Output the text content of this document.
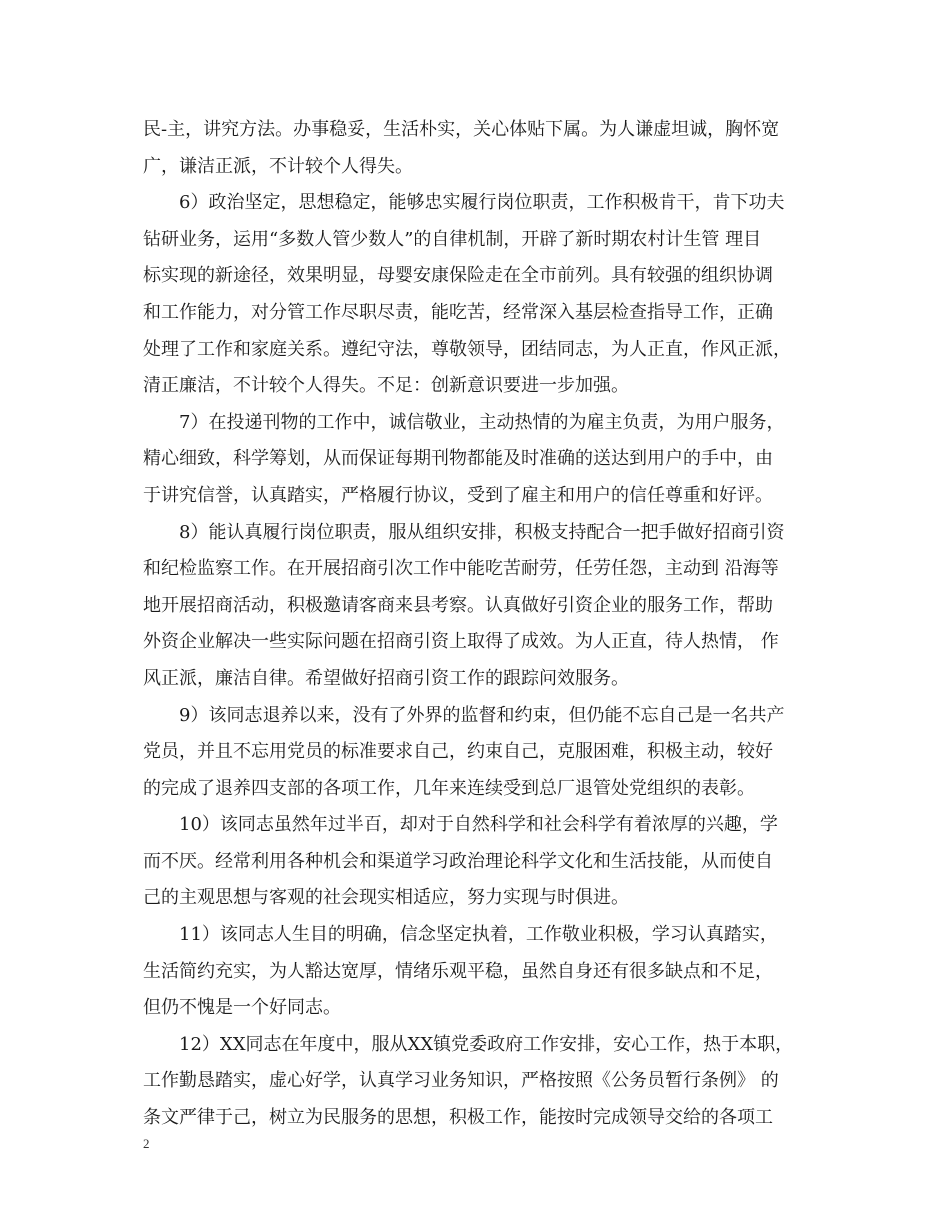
民-主，讲究方法。办事稳妥，生活朴实，关心体贴下属。为人谦虚坦诚，胸怀宽
广，谦洁正派，不计较个人得失。

　　6）政治坚定，思想稳定，能够忠实履行岗位职责，工作积极肯干，肯下功夫
钻研业务，运用“多数人管少数人”的自律机制，开辟了新时期农村计生管 理目
标实现的新途径，效果明显，母婴安康保险走在全市前列。具有较强的组织协调
和工作能力，对分管工作尽职尽责，能吃苦，经常深入基层检查指导工作，正确
处理了工作和家庭关系。遵纪守法，尊敬领导，团结同志，为人正直，作风正派，
清正廉洁，不计较个人得失。不足：创新意识要进一步加强。

　　7）在投递刊物的工作中，诚信敬业，主动热情的为雇主负责，为用户服务，
精心细致，科学筹划，从而保证每期刊物都能及时准确的送达到用户的手中，由
于讲究信誉，认真踏实，严格履行协议，受到了雇主和用户的信任尊重和好评。

　　8）能认真履行岗位职责，服从组织安排，积极支持配合一把手做好招商引资
和纪检监察工作。在开展招商引次工作中能吃苦耐劳，任劳任怨，主动到 沿海等
地开展招商活动，积极邀请客商来县考察。认真做好引资企业的服务工作，帮助
外资企业解决一些实际问题在招商引资上取得了成效。为人正直，待人热情， 作
风正派，廉洁自律。希望做好招商引资工作的跟踪问效服务。

　　9）该同志退养以来，没有了外界的监督和约束，但仍能不忘自己是一名共产
党员，并且不忘用党员的标准要求自己，约束自己，克服困难，积极主动，较好
的完成了退养四支部的各项工作，几年来连续受到总厂退管处党组织的表彰。

　　10）该同志虽然年过半百，却对于自然科学和社会科学有着浓厚的兴趣，学
而不厌。经常利用各种机会和渠道学习政治理论科学文化和生活技能，从而使自
己的主观思想与客观的社会现实相适应，努力实现与时俱进。

　　11）该同志人生目的明确，信念坚定执着，工作敬业积极，学习认真踏实，
生活简约充实，为人豁达宽厚，情绪乐观平稳，虽然自身还有很多缺点和不足，
但仍不愧是一个好同志。

　　12）XX同志在年度中，服从XX镇党委政府工作安排，安心工作，热于本职，
工作勤恳踏实，虚心好学，认真学习业务知识，严格按照《公务员暂行条例》 的
条文严律于己，树立为民服务的思想，积极工作，能按时完成领导交给的各项工

2
